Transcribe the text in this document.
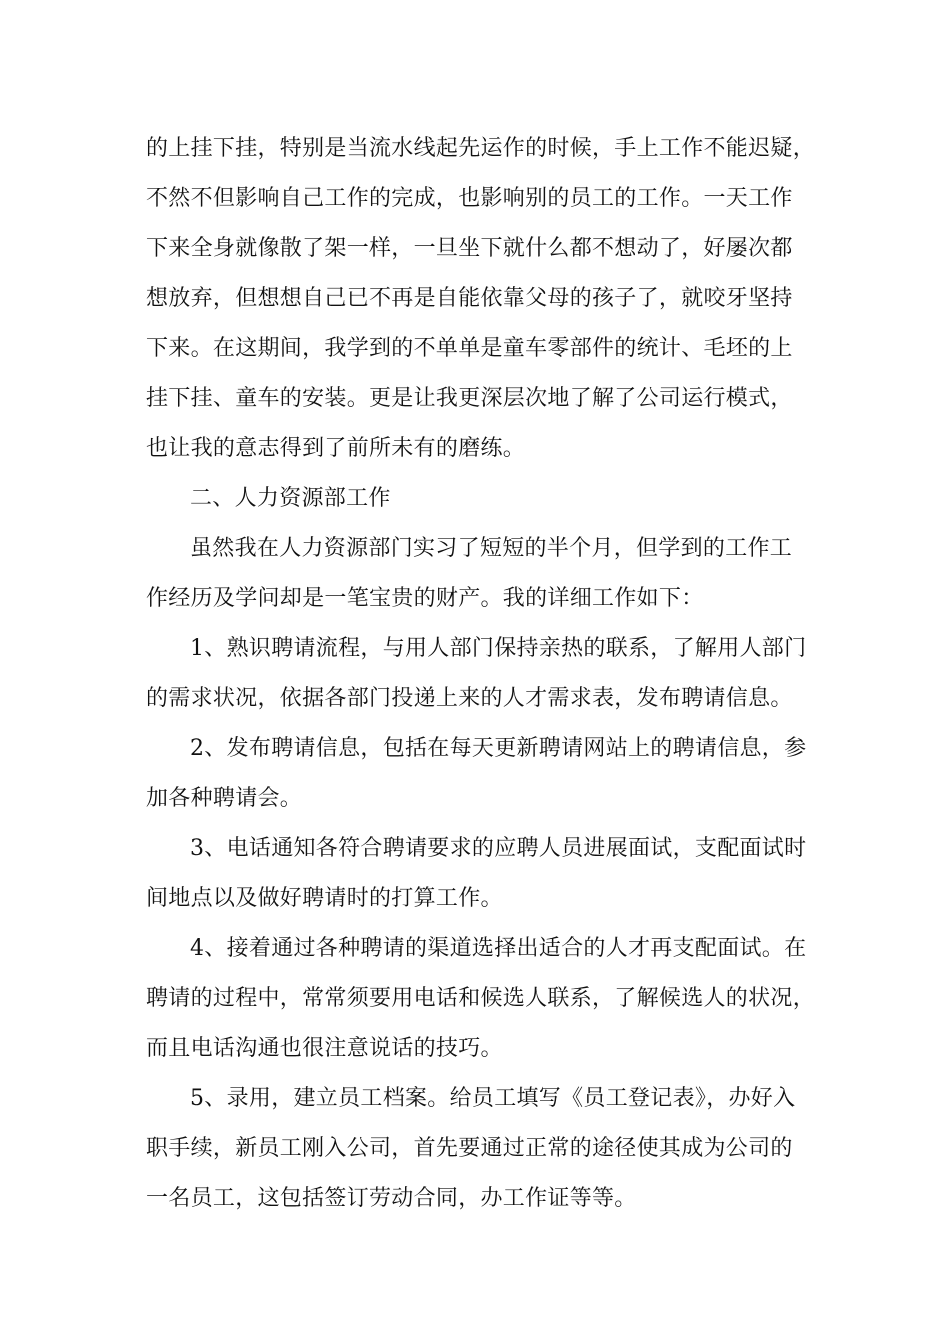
的上挂下挂，特别是当流水线起先运作的时候，手上工作不能迟疑，
不然不但影响自己工作的完成，也影响别的员工的工作。一天工作
下来全身就像散了架一样，一旦坐下就什么都不想动了，好屡次都
想放弃，但想想自己已不再是自能依靠父母的孩子了，就咬牙坚持
下来。在这期间，我学到的不单单是童车零部件的统计、毛坯的上
挂下挂、童车的安装。更是让我更深层次地了解了公司运行模式，
也让我的意志得到了前所未有的磨练。
二、人力资源部工作
虽然我在人力资源部门实习了短短的半个月，但学到的工作工
作经历及学问却是一笔宝贵的财产。我的详细工作如下：
1、熟识聘请流程，与用人部门保持亲热的联系，了解用人部门
的需求状况，依据各部门投递上来的人才需求表，发布聘请信息。
2、发布聘请信息，包括在每天更新聘请网站上的聘请信息，参
加各种聘请会。
3、电话通知各符合聘请要求的应聘人员进展面试，支配面试时
间地点以及做好聘请时的打算工作。
4、接着通过各种聘请的渠道选择出适合的人才再支配面试。在
聘请的过程中，常常须要用电话和候选人联系，了解候选人的状况，
而且电话沟通也很注意说话的技巧。
5、录用，建立员工档案。给员工填写《员工登记表》，办好入
职手续，新员工刚入公司，首先要通过正常的途径使其成为公司的
一名员工，这包括签订劳动合同，办工作证等等。
